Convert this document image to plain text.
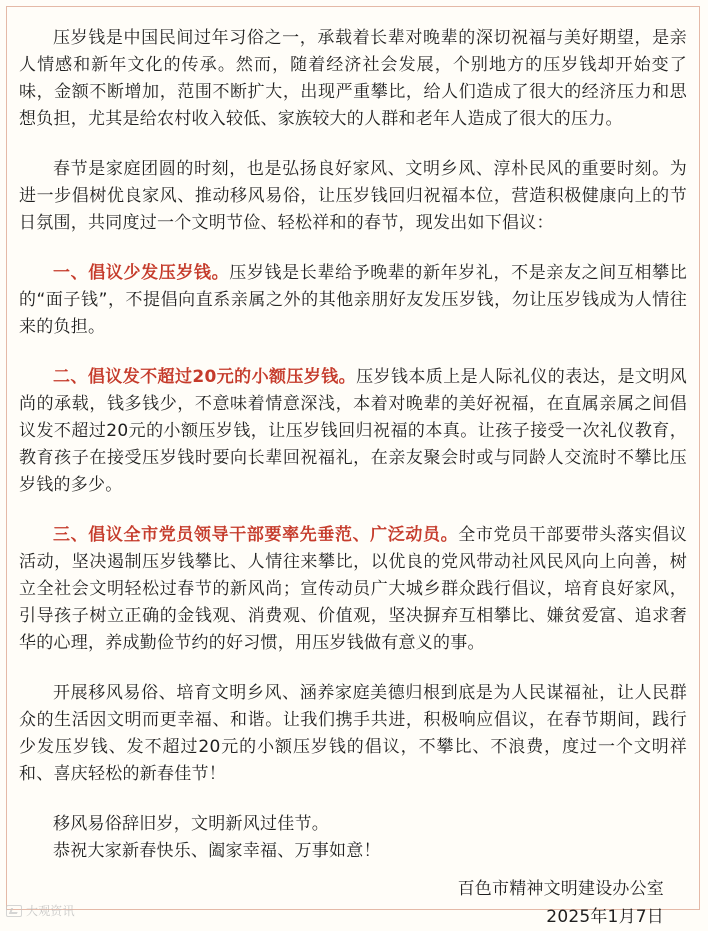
压岁钱是中国民间过年习俗之一，承载着长辈对晚辈的深切祝福与美好期望，是亲人情感和新年文化的传承。然而，随着经济社会发展，个别地方的压岁钱却开始变了味，金额不断增加，范围不断扩大，出现严重攀比，给人们造成了很大的经济压力和思想负担，尤其是给农村收入较低、家族较大的人群和老年人造成了很大的压力。

春节是家庭团圆的时刻，也是弘扬良好家风、文明乡风、淳朴民风的重要时刻。为进一步倡树优良家风、推动移风易俗，让压岁钱回归祝福本位，营造积极健康向上的节日氛围，共同度过一个文明节俭、轻松祥和的春节，现发出如下倡议：

一、倡议少发压岁钱。压岁钱是长辈给予晚辈的新年岁礼，不是亲友之间互相攀比的“面子钱”，不提倡向直系亲属之外的其他亲朋好友发压岁钱，勿让压岁钱成为人情往来的负担。

二、倡议发不超过20元的小额压岁钱。压岁钱本质上是人际礼仪的表达，是文明风尚的承载，钱多钱少，不意味着情意深浅，本着对晚辈的美好祝福，在直属亲属之间倡议发不超过20元的小额压岁钱，让压岁钱回归祝福的本真。让孩子接受一次礼仪教育，教育孩子在接受压岁钱时要向长辈回祝福礼，在亲友聚会时或与同龄人交流时不攀比压岁钱的多少。

三、倡议全市党员领导干部要率先垂范、广泛动员。全市党员干部要带头落实倡议活动，坚决遏制压岁钱攀比、人情往来攀比，以优良的党风带动社风民风向上向善，树立全社会文明轻松过春节的新风尚；宣传动员广大城乡群众践行倡议，培育良好家风，引导孩子树立正确的金钱观、消费观、价值观，坚决摒弃互相攀比、嫌贫爱富、追求奢华的心理，养成勤俭节约的好习惯，用压岁钱做有意义的事。

开展移风易俗、培育文明乡风、涵养家庭美德归根到底是为人民谋福祉，让人民群众的生活因文明而更幸福、和谐。让我们携手共进，积极响应倡议，在春节期间，践行少发压岁钱、发不超过20元的小额压岁钱的倡议，不攀比、不浪费，度过一个文明祥和、喜庆轻松的新春佳节！

移风易俗辞旧岁，文明新风过佳节。

恭祝大家新春快乐、阖家幸福、万事如意！

百色市精神文明建设办公室
2025年1月7日
大观资讯
